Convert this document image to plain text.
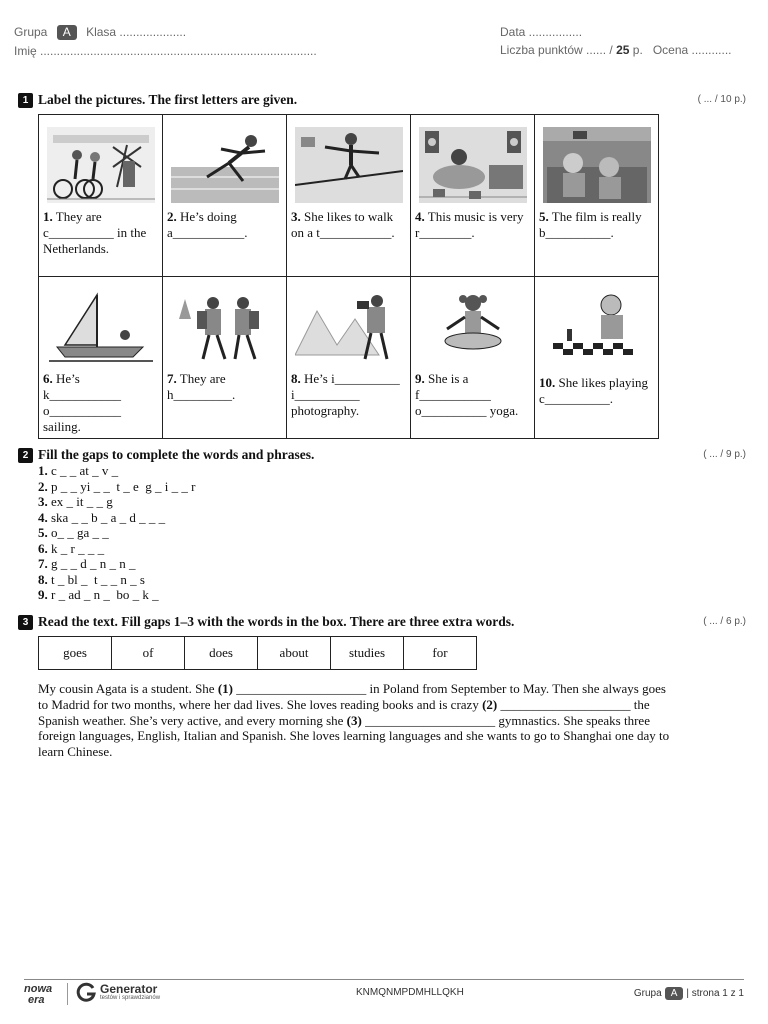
Grupa A Klasa ....................
Imię ...................................................................................
Data ................
Liczba punktów ...... / 25 p. Ocena ............
1 Label the pictures. The first letters are given.	( ... / 10 p.)
1. They are c__________ in the Netherlands.	2. He’s doing a___________.	3. She likes to walk on a t___________.	4. This music is very r________.	5. The film is really b__________.

6. He’s k___________ o___________ sailing.	7. They are h_________.	8. He’s i__________ i__________ photography.	9. She is a f___________ o__________ yoga.	10. She likes playing c__________.
2 Fill the gaps to complete the words and phrases.	( ... / 9 p.)
1. c _ _ at _ v _
2. p _ _ yi _ _  t _ e  g _ i _ _ r
3. ex _ it _ _ g
4. ska _ _ b _ a _ d _ _ _
5. o_ _ ga _ _
6. k _ r _ _ _
7. g _ _ d _ n _ n _
8. t _ bl _  t _ _ n _ s
9. r _ ad _ n _  bo _ k _
3 Read the text. Fill gaps 1–3 with the words in the box. There are three extra words.	( ... / 6 p.)
goes	of	does	about	studies	for
My cousin Agata is a student. She (1) ____________________ in Poland from September to May. Then she always goes to Madrid for two months, where her dad lives. She loves reading books and is crazy (2) ____________________ the Spanish weather. She’s very active, and every morning she (3) ____________________ gymnastics. She speaks three foreign languages, English, Italian and Spanish. She loves learning languages and she wants to go to Shanghai one day to learn Chinese.
nowa
era
Generator
testów i sprawdzianów	KNMQNMPDMHLLQKH	Grupa A | strona 1 z 1
